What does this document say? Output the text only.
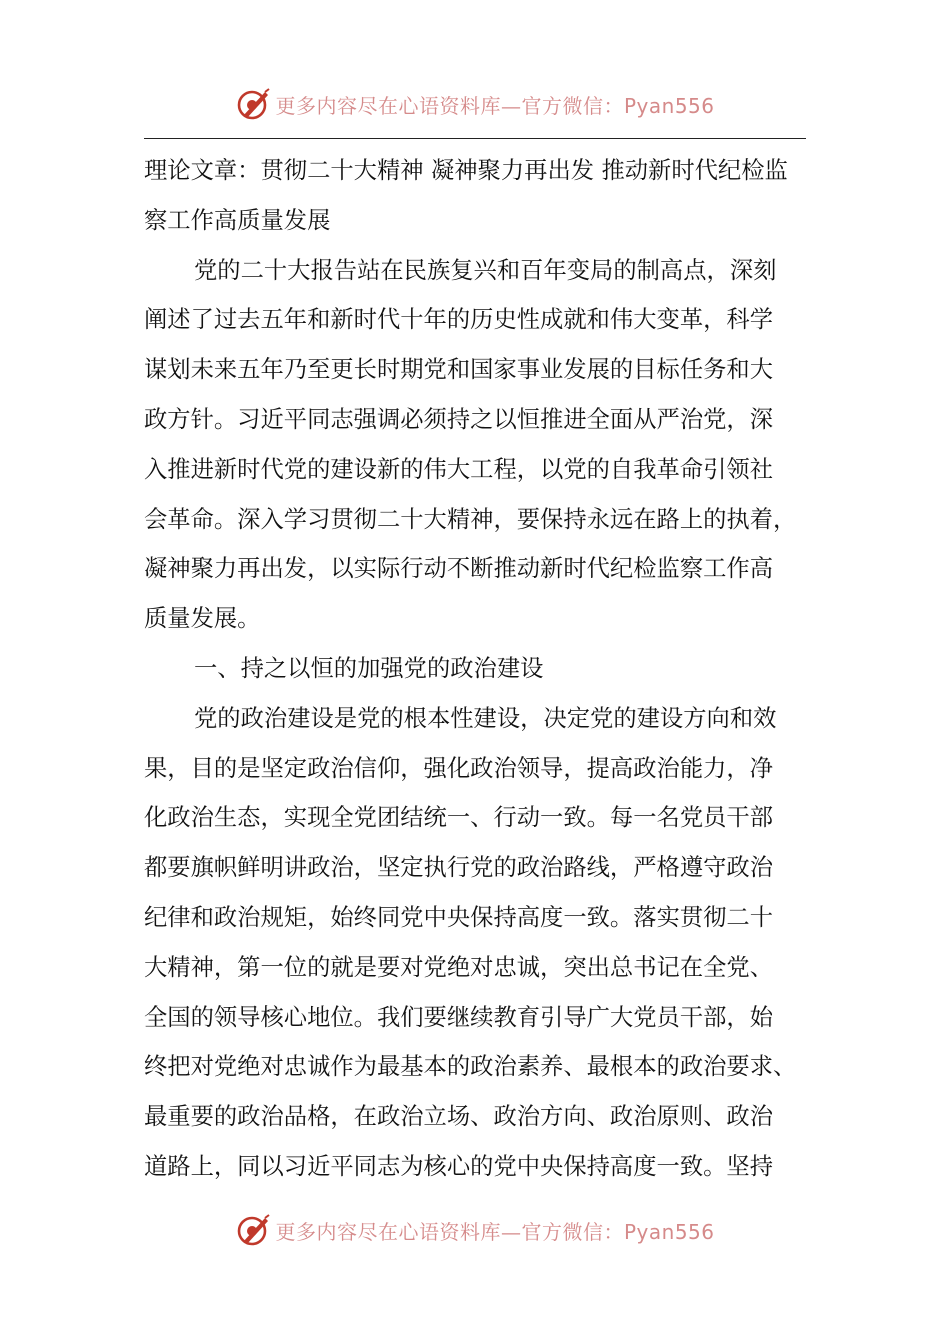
更多内容尽在心语资料库—官方微信：Pyan556
理论文章：贯彻二十大精神 凝神聚力再出发 推动新时代纪检监
察工作高质量发展
党的二十大报告站在民族复兴和百年变局的制高点，深刻
阐述了过去五年和新时代十年的历史性成就和伟大变革，科学
谋划未来五年乃至更长时期党和国家事业发展的目标任务和大
政方针。习近平同志强调必须持之以恒推进全面从严治党，深
入推进新时代党的建设新的伟大工程，以党的自我革命引领社
会革命。深入学习贯彻二十大精神，要保持永远在路上的执着，
凝神聚力再出发，以实际行动不断推动新时代纪检监察工作高
质量发展。
一、持之以恒的加强党的政治建设
党的政治建设是党的根本性建设，决定党的建设方向和效
果，目的是坚定政治信仰，强化政治领导，提高政治能力，净
化政治生态，实现全党团结统一、行动一致。每一名党员干部
都要旗帜鲜明讲政治，坚定执行党的政治路线，严格遵守政治
纪律和政治规矩，始终同党中央保持高度一致。落实贯彻二十
大精神，第一位的就是要对党绝对忠诚，突出总书记在全党、
全国的领导核心地位。我们要继续教育引导广大党员干部，始
终把对党绝对忠诚作为最基本的政治素养、最根本的政治要求、
最重要的政治品格，在政治立场、政治方向、政治原则、政治
道路上，同以习近平同志为核心的党中央保持高度一致。坚持
更多内容尽在心语资料库—官方微信：Pyan556
